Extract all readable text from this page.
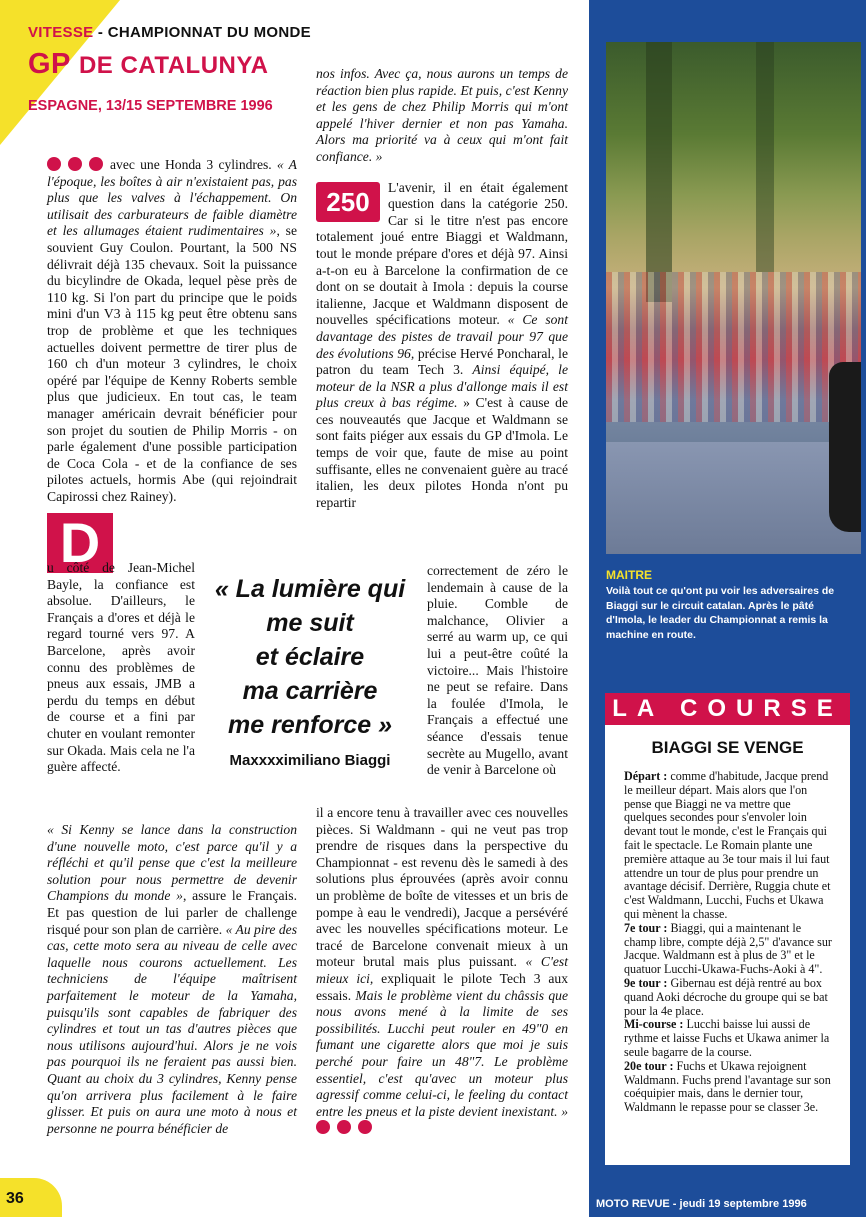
VITESSE - CHAMPIONNAT DU MONDE
GP DE CATALUNYA
ESPAGNE, 13/15 SEPTEMBRE 1996

avec une Honda 3 cylindres. « A l'époque, les boîtes à air n'existaient pas, pas plus que les valves à l'échappement. On utilisait des carburateurs de faible diamètre et les allumages étaient rudimentaires », se souvient Guy Coulon. Pourtant, la 500 NS délivrait déjà 135 chevaux. Soit la puissance du bicylindre de Okada, lequel pèse près de 110 kg. Si l'on part du principe que le poids mini d'un V3 à 115 kg peut être obtenu sans trop de problème et que les techniques actuelles doivent permettre de tirer plus de 160 ch d'un moteur 3 cylindres, le choix opéré par l'équipe de Kenny Roberts semble plus que judicieux. En tout cas, le team manager américain devrait bénéficier pour son projet du soutien de Philip Morris - on parle également d'une possible participation de Coca Cola - et de la confiance de ses pilotes actuels, hormis Abe (qui rejoindrait Capirossi chez Rainey).

D

u côté de Jean-Michel Bayle, la confiance est absolue. D'ailleurs, le Français a d'ores et déjà le regard tourné vers 97. A Barcelone, après avoir connu des problèmes de pneus aux essais, JMB a perdu du temps en début de course et a fini par chuter en voulant remonter sur Okada. Mais cela ne l'a guère affecté.

« Si Kenny se lance dans la construction d'une nouvelle moto, c'est parce qu'il y a réfléchi et qu'il pense que c'est la meilleure solution pour nous permettre de devenir Champions du monde », assure le Français. Et pas question de lui parler de challenge risqué pour son plan de carrière. « Au pire des cas, cette moto sera au niveau de celle avec laquelle nous courons actuellement. Les techniciens de l'équipe maîtrisent parfaitement le moteur de la Yamaha, puisqu'ils sont capables de fabriquer des cylindres et tout un tas d'autres pièces que nous utilisons aujourd'hui. Alors je ne vois pas pourquoi ils ne feraient pas aussi bien. Quant au choix du 3 cylindres, Kenny pense qu'on arrivera plus facilement à le faire glisser. Et puis on aura une moto à nous et personne ne pourra bénéficier de

« La lumière qui
me suit
et éclaire
ma carrière
me renforce »
Maxxxximiliano Biaggi

nos infos. Avec ça, nous aurons un temps de réaction bien plus rapide. Et puis, c'est Kenny et les gens de chez Philip Morris qui m'ont appelé l'hiver dernier et non pas Yamaha. Alors ma priorité va à ceux qui m'ont fait confiance. »

250	L'avenir, il en était également question dans la catégorie 250. Car si le titre n'est pas encore totalement joué entre Biaggi et Waldmann, tout le monde prépare d'ores et déjà 97. Ainsi a-t-on eu à Barcelone la confirmation de ce dont on se doutait à Imola : depuis la course italienne, Jacque et Waldmann disposent de nouvelles spécifications moteur. « Ce sont davantage des pistes de travail pour 97 que des évolutions 96, précise Hervé Poncharal, le patron du team Tech 3. Ainsi équipé, le moteur de la NSR a plus d'allonge mais il est plus creux à bas régime. » C'est à cause de ces nouveautés que Jacque et Waldmann se sont faits piéger aux essais du GP d'Imola. Le temps de voir que, faute de mise au point suffisante, elles ne convenaient guère au tracé italien, les deux pilotes Honda n'ont pu repartir

correctement de zéro le lendemain à cause de la pluie. Comble de malchance, Olivier a serré au warm up, ce qui lui a peut-être coûté la victoire... Mais l'histoire ne peut se refaire. Dans la foulée d'Imola, le Français a effectué une séance d'essais tenue secrète au Mugello, avant de venir à Barcelone où

il a encore tenu à travailler avec ces nouvelles pièces. Si Waldmann - qui ne veut pas trop prendre de risques dans la perspective du Championnat - est revenu dès le samedi à des solutions plus éprouvées (après avoir connu un problème de boîte de vitesses et un bris de pompe à eau le vendredi), Jacque a persévéré avec les nouvelles spécifications moteur. Le tracé de Barcelone convenait mieux à un moteur brutal mais plus puissant. « C'est mieux ici, expliquait le pilote Tech 3 aux essais. Mais le problème vient du châssis que nous avons mené à la limite de ses possibilités. Lucchi peut rouler en 49"0 en fumant une cigarette alors que moi je suis perché pour faire un 48"7. Le problème essentiel, c'est qu'avec un moteur plus agressif comme celui-ci, le feeling du contact entre les pneus et la piste devient inexistant. »

MAITRE
Voilà tout ce qu'ont pu voir les adversaires de Biaggi sur le circuit catalan. Après le pâté d'Imola, le leader du Championnat a remis la machine en route.
LA COURSE
BIAGGI SE VENGE

Départ : comme d'habitude, Jacque prend le meilleur départ. Mais alors que l'on pense que Biaggi ne va mettre que quelques secondes pour s'envoler loin devant tout le monde, c'est le Français qui fait le spectacle. Le Romain plante une première attaque au 3e tour mais il lui faut attendre un tour de plus pour prendre un avantage décisif. Derrière, Ruggia chute et c'est Waldmann, Lucchi, Fuchs et Ukawa qui mènent la chasse.

7e tour : Biaggi, qui a maintenant le champ libre, compte déjà 2,5" d'avance sur Jacque. Waldmann est à plus de 3" et le quatuor Lucchi-Ukawa-Fuchs-Aoki à 4".

9e tour : Gibernau est déjà rentré au box quand Aoki décroche du groupe qui se bat pour la 4e place.

Mi-course : Lucchi baisse lui aussi de rythme et laisse Fuchs et Ukawa animer la seule bagarre de la course.

20e tour : Fuchs et Ukawa rejoignent Waldmann. Fuchs prend l'avantage sur son coéquipier mais, dans le dernier tour, Waldmann le repasse pour se classer 3e.

36	MOTO REVUE - jeudi 19 septembre 1996
